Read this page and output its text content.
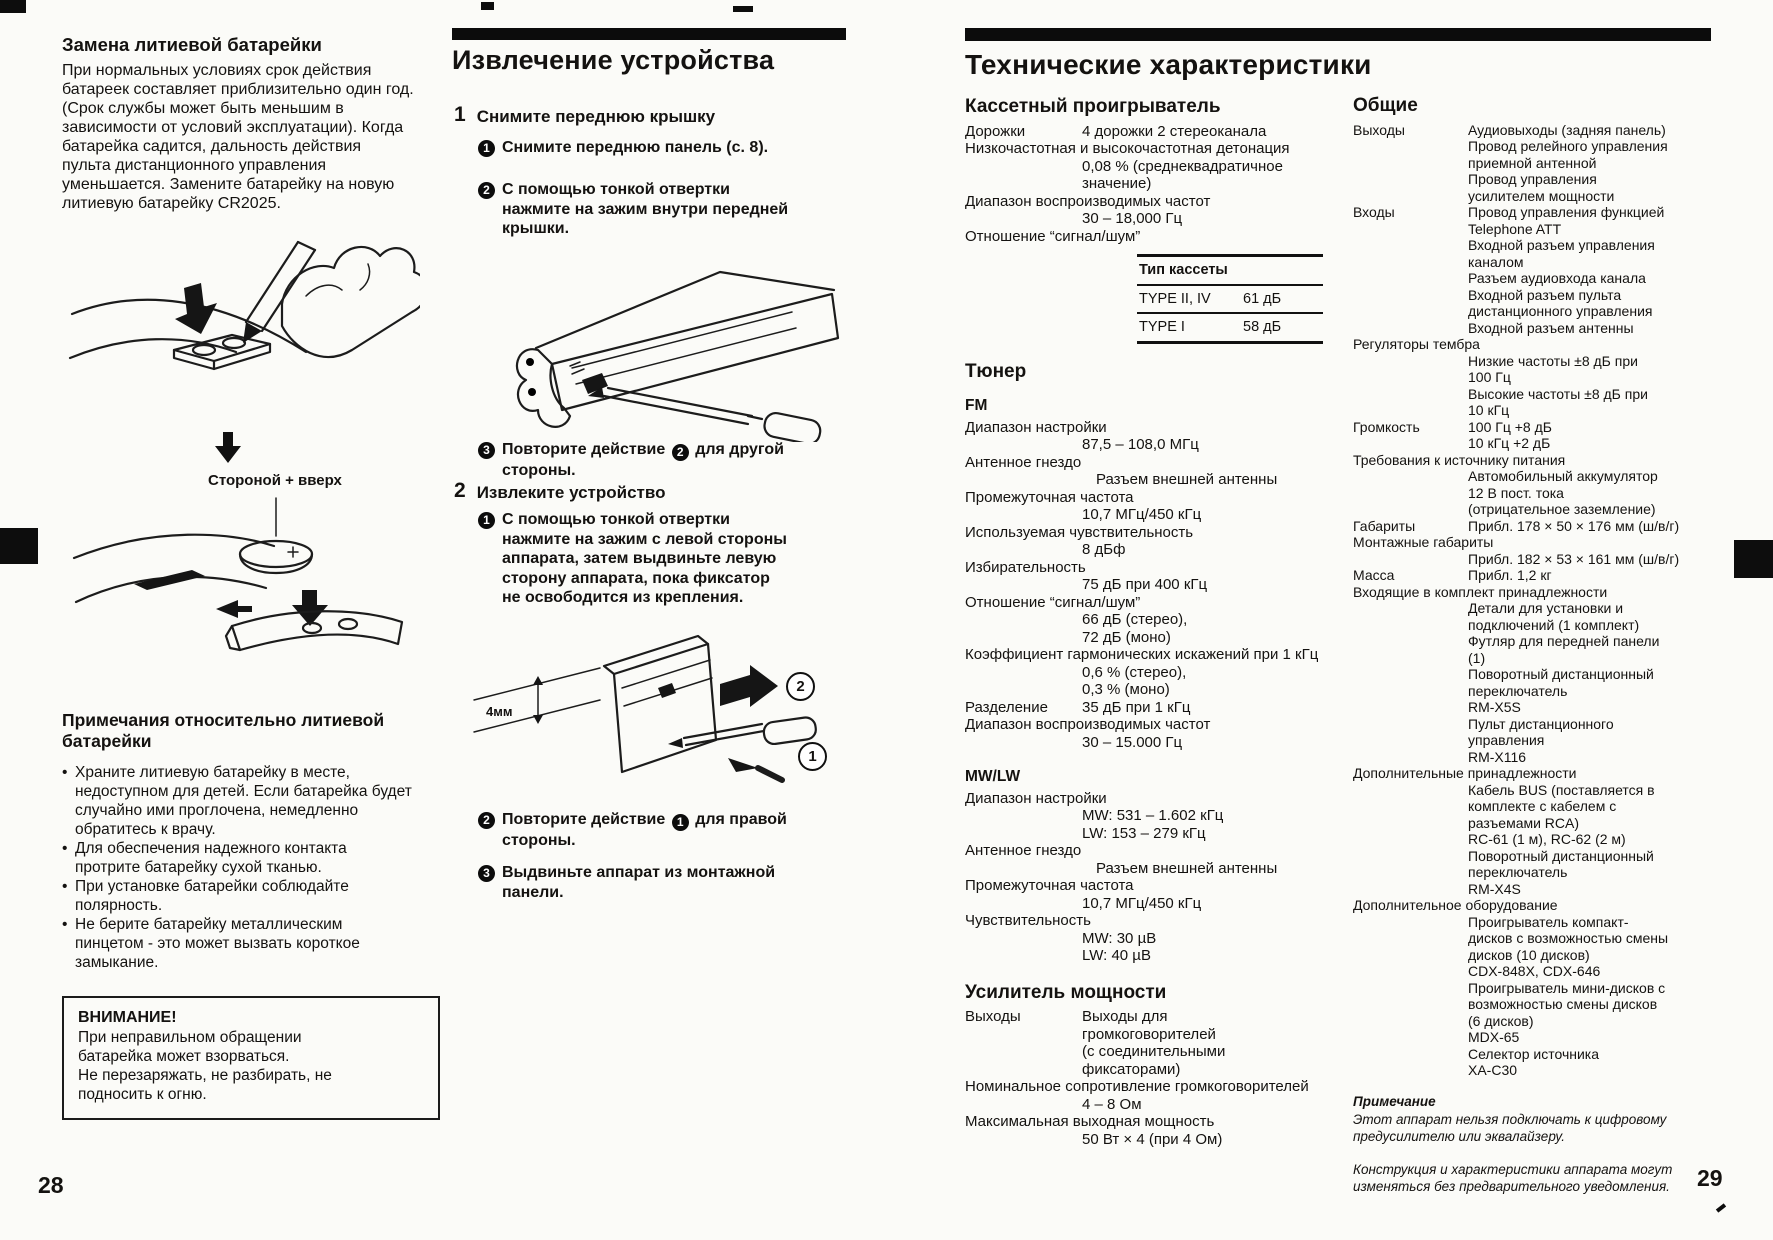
Замена литиевой батарейки
При нормальных условиях срок действия батареек составляет приблизительно один год. (Срок службы может быть меньшим в зависимости от условий эксплуатации). Когда батарейка садится, дальность действия пульта дистанционного управления уменьшается. Замените батарейку на новую литиевую батарейку CR2025.
Стороной + вверх
Примечания относительно литиевой батарейки
• Храните литиевую батарейку в месте, недоступном для детей. Если батарейка будет случайно ими проглочена, немедленно обратитесь к врачу.
• Для обеспечения надежного контакта протрите батарейку сухой тканью.
• При установке батарейки соблюдайте полярность.
• Не берите батарейку металлическим пинцетом - это может вызвать короткое замыкание.
ВНИМАНИЕ!
При неправильном обращении батарейка может взорваться.
Не перезаряжать, не разбирать, не подносить к огню.
Извлечение устройства
1 Снимите переднюю крышку
1 Снимите переднюю панель (с. 8).
2 С помощью тонкой отвертки нажмите на зажим внутри передней крышки.
3 Повторите действие 2 для другой стороны.
2 Извлеките устройство
1 С помощью тонкой отвертки нажмите на зажим с левой стороны аппарата, затем выдвиньте левую сторону аппарата, пока фиксатор не освободится из крепления.
4мм
2
1
2 Повторите действие 1 для правой стороны.
3 Выдвиньте аппарат из монтажной панели.
Технические характеристики
Кассетный проигрыватель
Дорожки	4 дорожки 2 стереоканала
Низкочастотная и высокочастотная детонация
0,08 % (среднеквадратичное
значение)
Диапазон воспроизводимых частот
30 – 18,000 Гц
Отношение “сигнал/шум”
Тип кассеты
TYPE II, IV	61 дБ
TYPE I	58 дБ
Тюнер
FM
Диапазон настройки
87,5 – 108,0 МГц
Антенное гнездо
Разъем внешней антенны
Промежуточная частота
10,7 МГц/450 кГц
Используемая чувствительность
8 дБф
Избирательность
75 дБ при 400 кГц
Отношение “сигнал/шум”
66 дБ (стерео),
72 дБ (моно)
Коэффициент гармонических искажений при 1 кГц
0,6 % (стерео),
0,3 % (моно)
Разделение	35 дБ при 1 кГц
Диапазон воспроизводимых частот
30 – 15.000 Гц
MW/LW
Диапазон настройки
MW: 531 – 1.602 кГц
LW: 153 – 279 кГц
Антенное гнездо
Разъем внешней антенны
Промежуточная частота
10,7 МГц/450 кГц
Чувствительность
MW: 30 µВ
LW: 40 µВ
Усилитель мощности
Выходы	Выходы для
громкоговорителей
(с соединительными
фиксаторами)
Номинальное сопротивление громкоговорителей
4 – 8 Ом
Максимальная выходная мощность
50 Вт × 4 (при 4 Ом)
Общие
Выходы	Аудиовыходы (задняя панель)
Провод релейного управления
приемной антенной
Провод управления
усилителем мощности
Входы	Провод управления функцией
Telephone ATT
Входной разъем управления
каналом
Разъем аудиовхода канала
Входной разъем пульта
дистанционного управления
Входной разъем антенны
Регуляторы тембра
Низкие частоты ±8 дБ при
100 Гц
Высокие частоты ±8 дБ при
10 кГц
Громкость	100 Гц +8 дБ
10 кГц +2 дБ
Требования к источнику питания
Автомобильный аккумулятор
12 В пост. тока
(отрицательное заземление)
Габариты	Прибл. 178 × 50 × 176 мм (ш/в/г)
Монтажные габариты
Прибл. 182 × 53 × 161 мм (ш/в/г)
Масса	Прибл. 1,2 кг
Входящие в комплект принадлежности
Детали для установки и
подключений (1 комплект)
Футляр для передней панели
(1)
Поворотный дистанционный
переключатель
RM-X5S
Пульт дистанционного
управления
RM-X116
Дополнительные принадлежности
Кабель BUS (поставляется в
комплекте с кабелем с
разъемами RCA)
RC-61 (1 м), RC-62 (2 м)
Поворотный дистанционный
переключатель
RM-X4S
Дополнительное оборудование
Проигрыватель компакт-
дисков с возможностью смены
дисков (10 дисков)
CDX-848X, CDX-646
Проигрыватель мини-дисков с
возможностью смены дисков
(6 дисков)
MDX-65
Селектор источника
XA-C30
Примечание
Этот аппарат нельзя подключать к цифровому предусилителю или эквалайзеру.
Конструкция и характеристики аппарата могут изменяться без предварительного уведомления.
28	29
